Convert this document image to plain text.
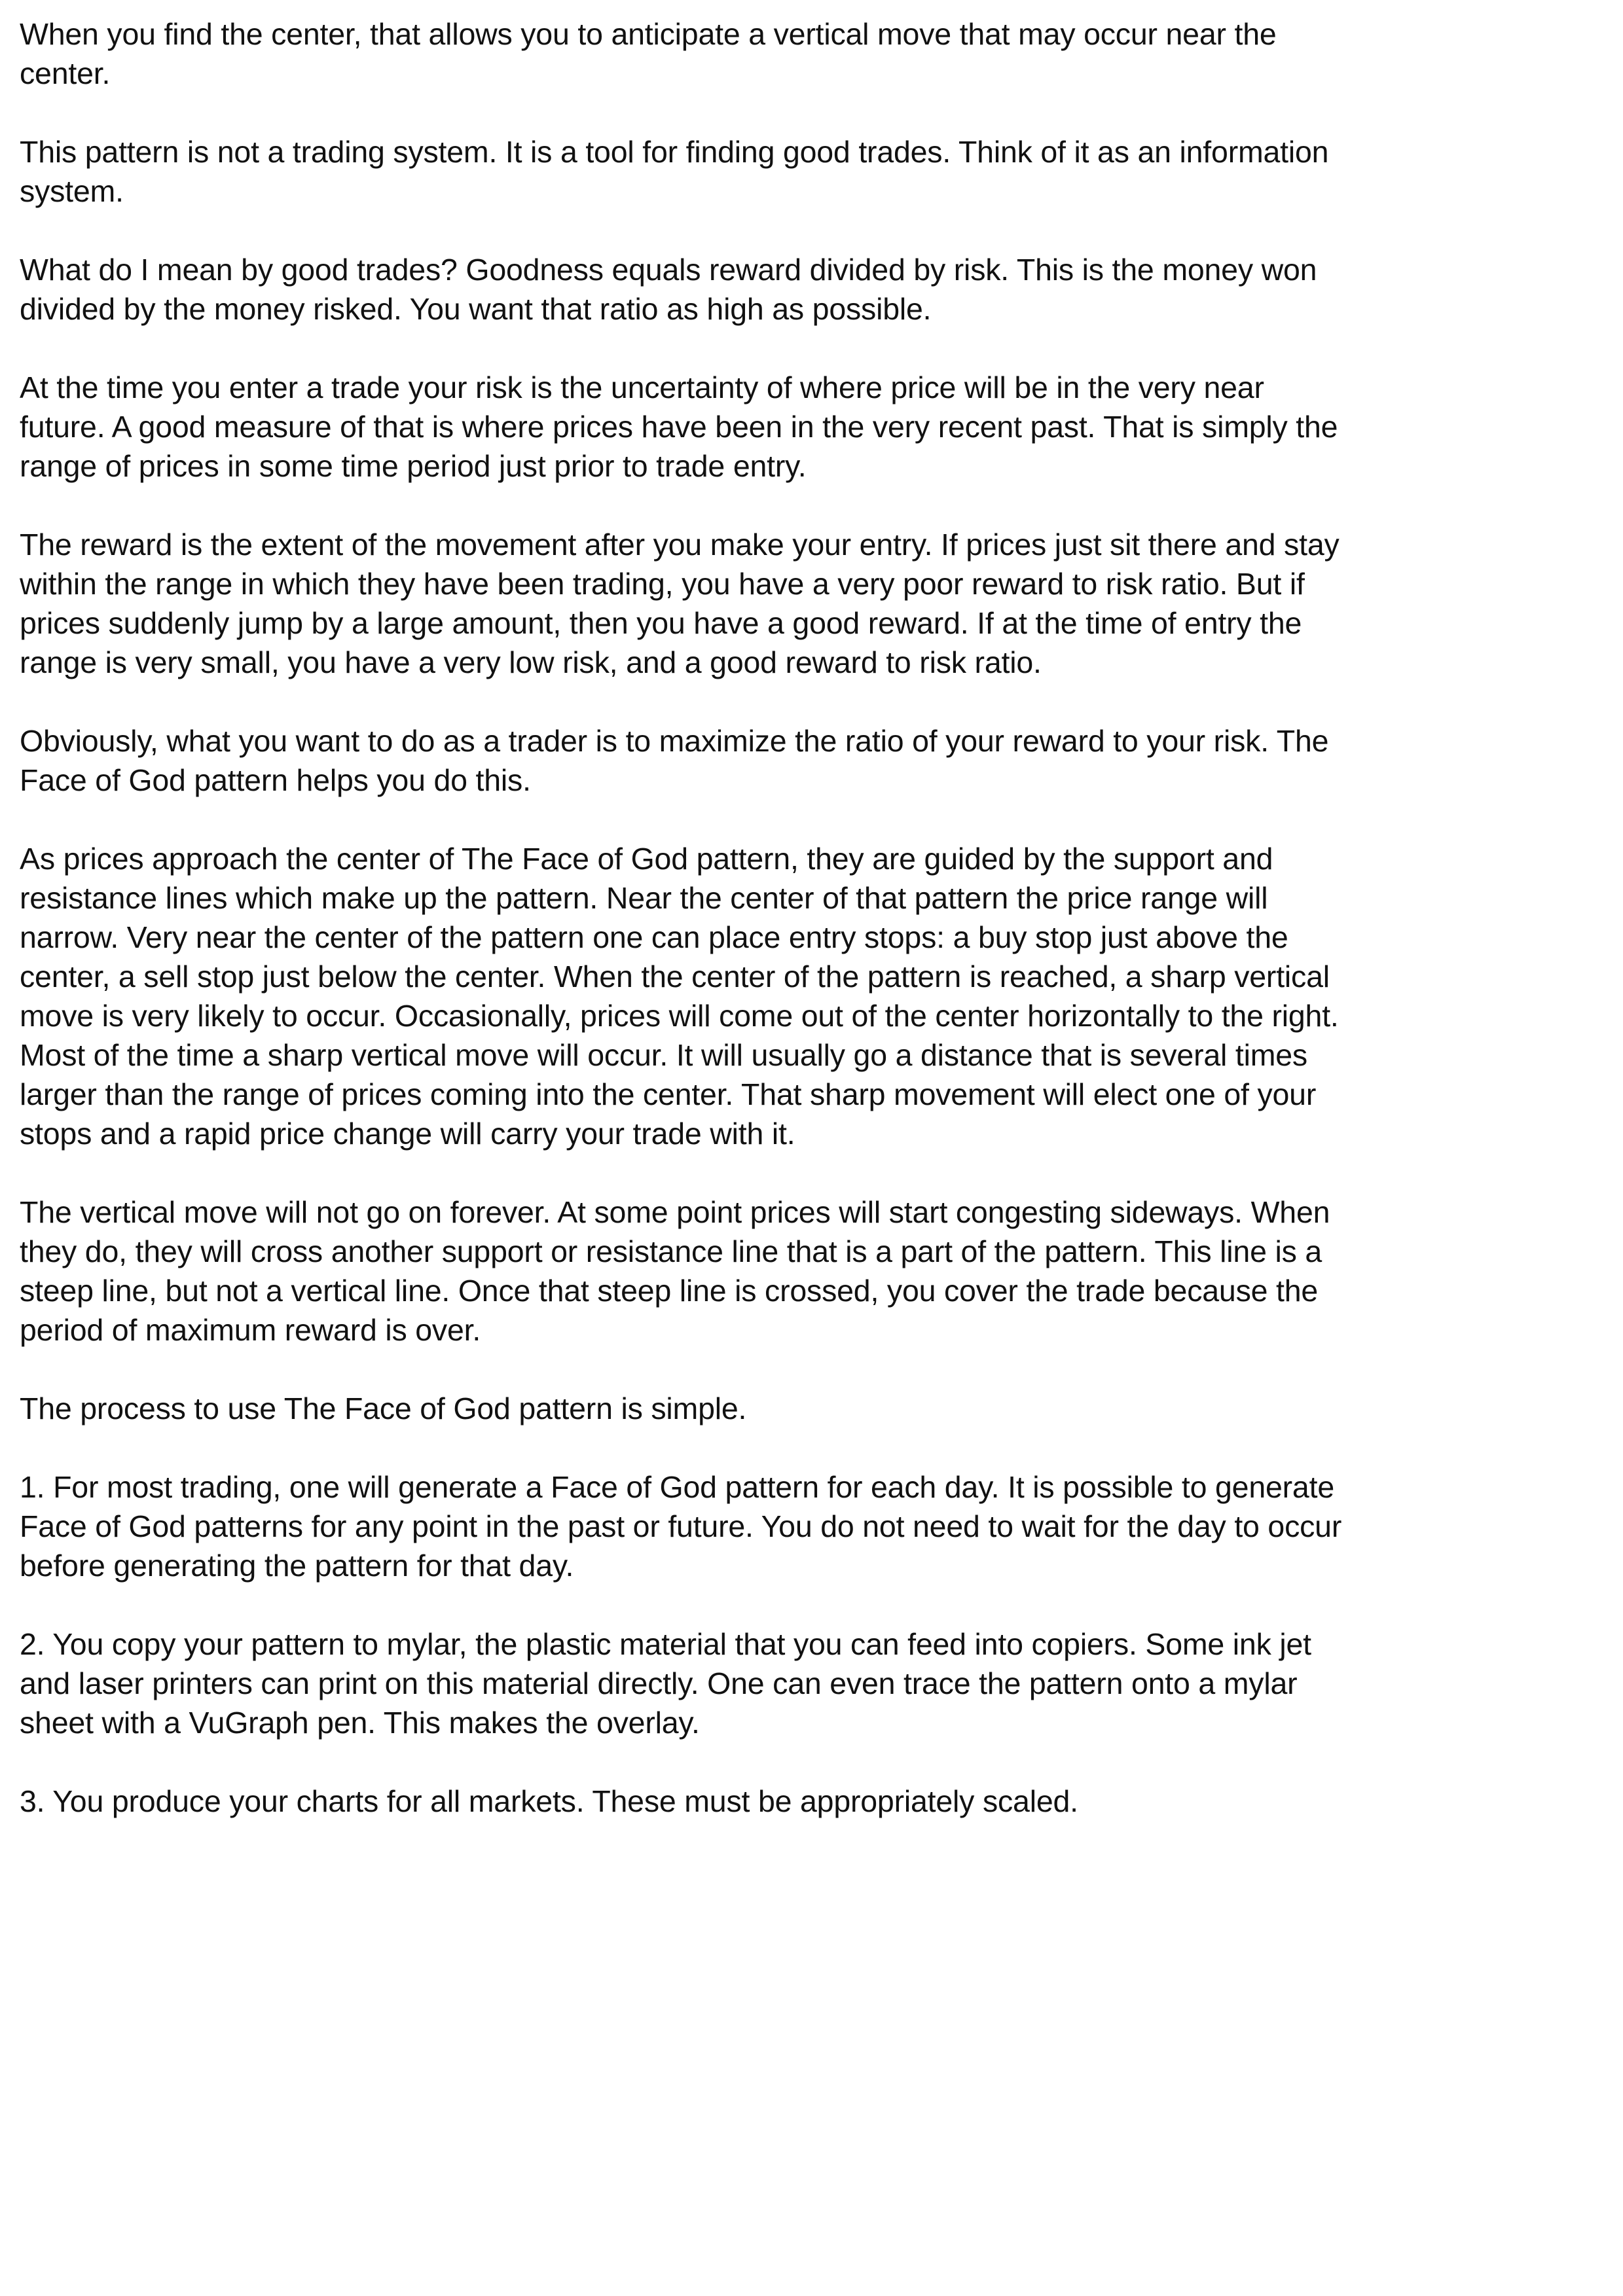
When you find the center, that allows you to anticipate a vertical move that may occur near the center.

This pattern is not a trading system. It is a tool for finding good trades. Think of it as an information system.

What do I mean by good trades? Goodness equals reward divided by risk. This is the money won divided by the money risked. You want that ratio as high as possible.

At the time you enter a trade your risk is the uncertainty of where price will be in the very near future. A good measure of that is where prices have been in the very recent past. That is simply the range of prices in some time period just prior to trade entry.

The reward is the extent of the movement after you make your entry. If prices just sit there and stay within the range in which they have been trading, you have a very poor reward to risk ratio. But if prices suddenly jump by a large amount, then you have a good reward. If at the time of entry the range is very small, you have a very low risk, and a good reward to risk ratio.

Obviously, what you want to do as a trader is to maximize the ratio of your reward to your risk. The Face of God pattern helps you do this.

As prices approach the center of The Face of God pattern, they are guided by the support and resistance lines which make up the pattern. Near the center of that pattern the price range will narrow. Very near the center of the pattern one can place entry stops: a buy stop just above the center, a sell stop just below the center. When the center of the pattern is reached, a sharp vertical move is very likely to occur. Occasionally, prices will come out of the center horizontally to the right. Most of the time a sharp vertical move will occur. It will usually go a distance that is several times larger than the range of prices coming into the center. That sharp movement will elect one of your stops and a rapid price change will carry your trade with it.

The vertical move will not go on forever. At some point prices will start congesting sideways. When they do, they will cross another support or resistance line that is a part of the pattern. This line is a steep line, but not a vertical line. Once that steep line is crossed, you cover the trade because the period of maximum reward is over.

The process to use The Face of God pattern is simple.

1. For most trading, one will generate a Face of God pattern for each day. It is possible to generate Face of God patterns for any point in the past or future. You do not need to wait for the day to occur before generating the pattern for that day.

2. You copy your pattern to mylar, the plastic material that you can feed into copiers. Some ink jet and laser printers can print on this material directly. One can even trace the pattern onto a mylar sheet with a VuGraph pen. This makes the overlay.

3. You produce your charts for all markets. These must be appropriately scaled.
